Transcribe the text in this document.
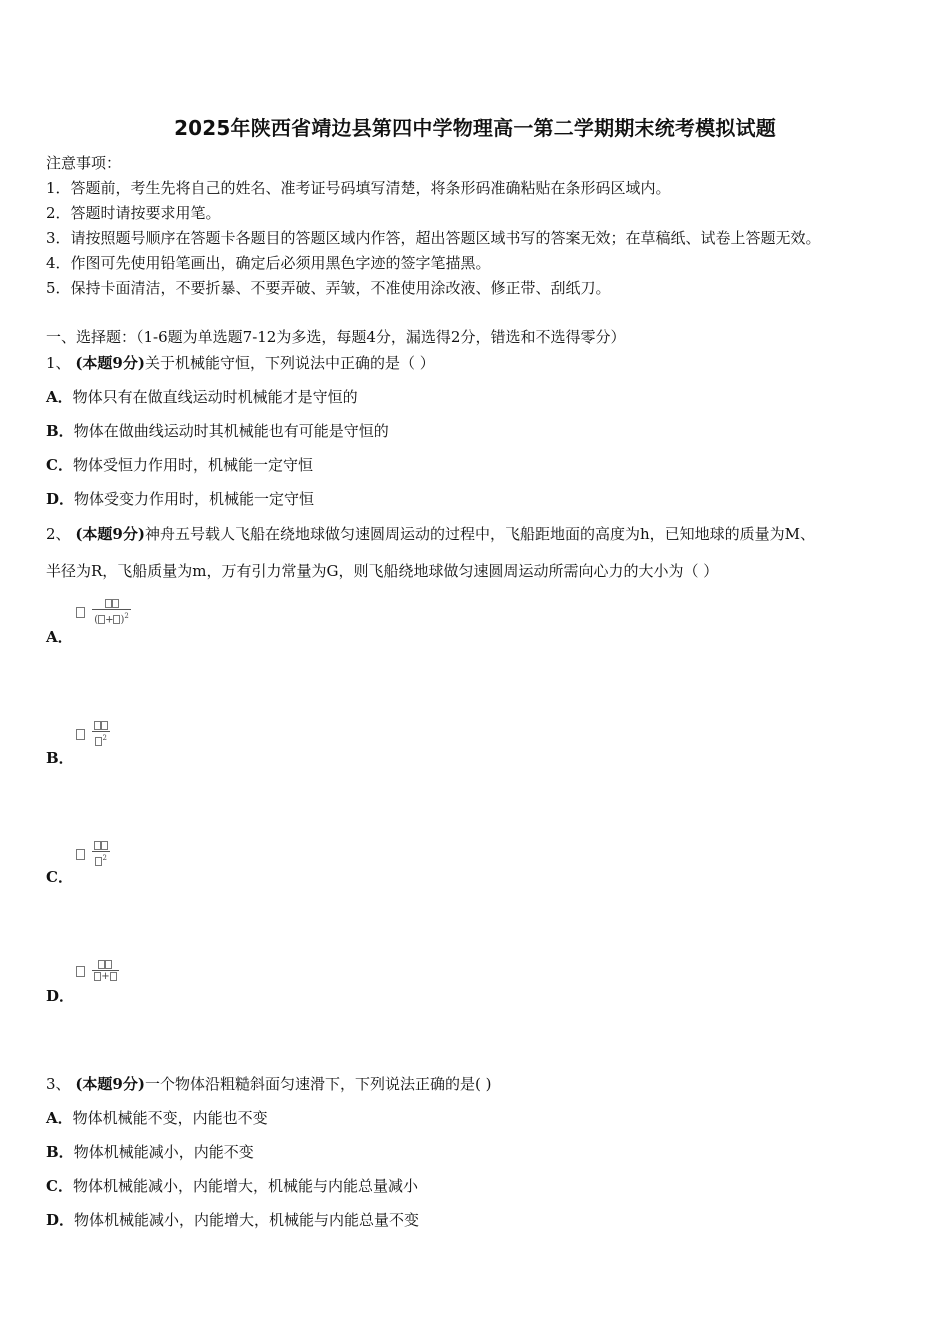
2025年陕西省靖边县第四中学物理高一第二学期期末统考模拟试题
注意事项：
1．答题前，考生先将自己的姓名、准考证号码填写清楚，将条形码准确粘贴在条形码区域内。
2．答题时请按要求用笔。
3．请按照题号顺序在答题卡各题目的答题区域内作答，超出答题区域书写的答案无效；在草稿纸、试卷上答题无效。
4．作图可先使用铅笔画出，确定后必须用黑色字迹的签字笔描黑。
5．保持卡面清洁，不要折暴、不要弄破、弄皱，不准使用涂改液、修正带、刮纸刀。
一、选择题：（1-6题为单选题7-12为多选，每题4分，漏选得2分，错选和不选得零分）
1、 (本题9分)关于机械能守恒，下列说法中正确的是（ ）
A．物体只有在做直线运动时机械能才是守恒的
B．物体在做曲线运动时其机械能也有可能是守恒的
C．物体受恒力作用时，机械能一定守恒
D．物体受变力作用时，机械能一定守恒
2、 (本题9分)神舟五号载人飞船在绕地球做匀速圆周运动的过程中，飞船距地面的高度为h，已知地球的质量为M、
半径为R，飞船质量为m，万有引力常量为G，则飞船绕地球做匀速圆周运动所需向心力的大小为（ ）

( + )$^2$
A．

$^2$
B．

$^2$
C．

+
D．
3、 (本题9分)一个物体沿粗糙斜面匀速滑下，下列说法正确的是( )
A．物体机械能不变，内能也不变
B．物体机械能减小，内能不变
C．物体机械能减小，内能增大，机械能与内能总量减小
D．物体机械能减小，内能增大，机械能与内能总量不变
